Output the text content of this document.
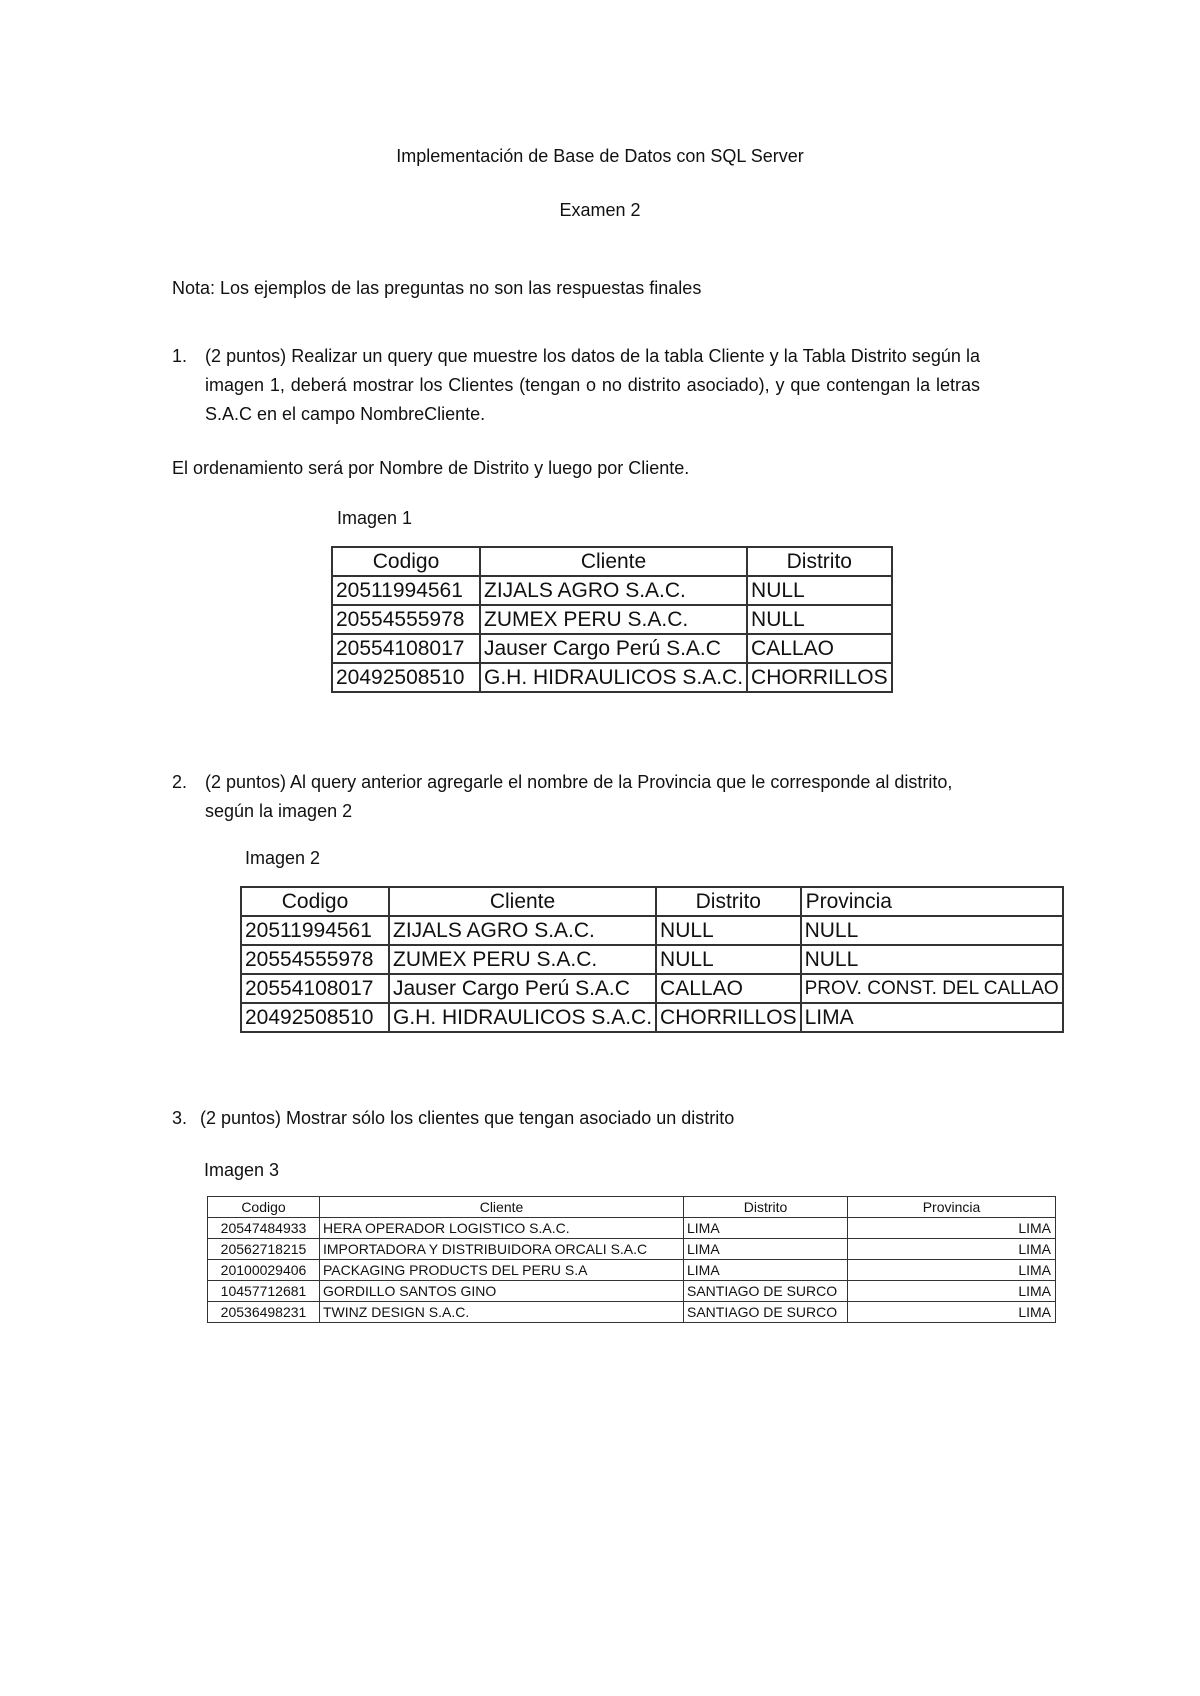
Implementación de Base de Datos con SQL Server

Examen 2

Nota: Los ejemplos de las preguntas no son las respuestas finales

1. (2 puntos) Realizar un query que muestre los datos de la tabla Cliente y la Tabla Distrito según la imagen 1, deberá mostrar los Clientes (tengan o no distrito asociado), y que contengan la letras S.A.C en el campo NombreCliente.

El ordenamiento será por Nombre de Distrito y luego por Cliente.

Imagen 1

Codigo	Cliente	Distrito
20511994561	ZIJALS AGRO S.A.C.	NULL
20554555978	ZUMEX PERU S.A.C.	NULL
20554108017	Jauser Cargo Perú S.A.C	CALLAO
20492508510	G.H. HIDRAULICOS S.A.C.	CHORRILLOS
2. (2 puntos) Al query anterior agregarle el nombre de la Provincia que le corresponde al distrito, según la imagen 2

Imagen 2

Codigo	Cliente	Distrito	Provincia
20511994561	ZIJALS AGRO S.A.C.	NULL	NULL
20554555978	ZUMEX PERU S.A.C.	NULL	NULL
20554108017	Jauser Cargo Perú S.A.C	CALLAO	PROV. CONST. DEL CALLAO
20492508510	G.H. HIDRAULICOS S.A.C.	CHORRILLOS	LIMA
3. (2 puntos) Mostrar sólo los clientes que tengan asociado un distrito

Imagen 3

Codigo	Cliente	Distrito	Provincia
20547484933	HERA OPERADOR LOGISTICO S.A.C.	LIMA	LIMA
20562718215	IMPORTADORA Y DISTRIBUIDORA ORCALI S.A.C	LIMA	LIMA
20100029406	PACKAGING PRODUCTS DEL PERU S.A	LIMA	LIMA
10457712681	GORDILLO SANTOS GINO	SANTIAGO DE SURCO	LIMA
20536498231	TWINZ DESIGN S.A.C.	SANTIAGO DE SURCO	LIMA
